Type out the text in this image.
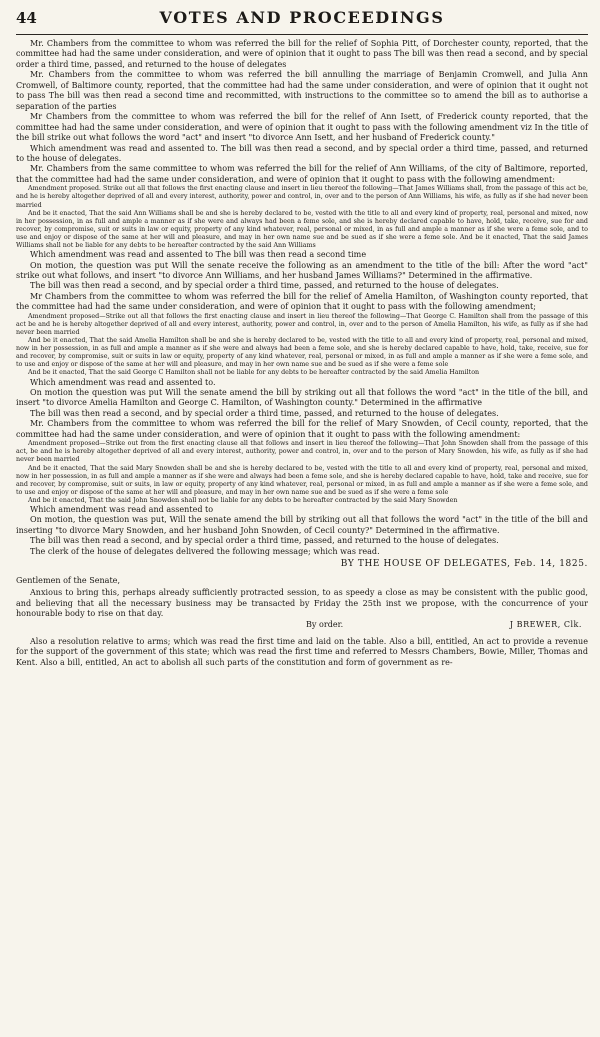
44	VOTES AND PROCEEDINGS

Mr. Chambers from the committee to whom was referred the bill for the relief of Sophia Pitt, of Dorchester county, reported, that the committee had had the same under consideration, and were of opinion that it ought to pass The bill was then read a second, and by special order a third time, passed, and returned to the house of delegates

Mr. Chambers from the committee to whom was referred the bill annulling the marriage of Benjamin Cromwell, and Julia Ann Cromwell, of Baltimore county, reported, that the committee had had the same under consideration, and were of opinion that it ought not to pass The bill was then read a second time and recommitted, with instructions to the committee so to amend the bill as to authorise a separation of the parties

Mr Chambers from the committee to whom was referred the bill for the relief of Ann Isett, of Frederick county reported, that the committee had had the same under consideration, and were of opinion that it ought to pass with the following amendment viz In the title of the bill strike out what follows the word "act" and insert "to divorce Ann Isett, and her husband of Frederick county."

Which amendment was read and assented to. The bill was then read a second, and by special order a third time, passed, and returned to the house of delegates.

Mr. Chambers from the same committee to whom was referred the bill for the relief of Ann Williams, of the city of Baltimore, reported, that the committee had had the same under consideration, and were of opinion that it ought to pass with the following amendment:

Amendment proposed. Strike out all that follows the first enacting clause and insert in lieu thereof the following—That James Williams shall, from the passage of this act be, and he is hereby altogether deprived of all and every interest, authority, power and control, in, over and to the person of Ann Williams, his wife, as fully as if she had never been married

And be it enacted, That the said Ann Williams shall be and she is hereby declared to be, vested with the title to all and every kind of property, real, personal and mixed, now in her possession, in as full and ample a manner as if she were and always had been a feme sole, and she is hereby declared capable to have, hold, take, receive, sue for and recover, by compromise, suit or suits in law or equity, property of any kind whatever, real, personal or mixed, in as full and ample a manner as if she were a feme sole, and to use and enjoy or dispose of the same at her will and pleasure, and may in her own name sue and be sued as if she were a feme sole. And be it enacted, That the said James Williams shall not be liable for any debts to be hereafter contracted by the said Ann Williams

Which amendment was read and assented to The bill was then read a second time

On motion, the question was put Will the senate receive the following as an amendment to the title of the bill: After the word "act" strike out what follows, and insert "to divorce Ann Williams, and her husband James Williams?" Determined in the affirmative.

The bill was then read a second, and by special order a third time, passed, and returned to the house of delegates.

Mr Chambers from the committee to whom was referred the bill for the relief of Amelia Hamilton, of Washington county reported, that the committee had had the same under consideration, and were of opinion that it ought to pass with the following amendment;

Amendment proposed—Strike out all that follows the first enacting clause and insert in lieu thereof the following—That George C. Hamilton shall from the passage of this act be and he is hereby altogether deprived of all and every interest, authority, power and control, in, over and to the person of Amelia Hamilton, his wife, as fully as if she had never been married

And be it enacted, That the said Amelia Hamilton shall be and she is hereby declared to be, vested with the title to all and every kind of property, real, personal and mixed, now in her possession, in as full and ample a manner as if she were and always had been a feme sole, and she is hereby declared capable to have, hold, take, receive, sue for and recover, by compromise, suit or suits in law or equity, property of any kind whatever, real, personal or mixed, in as full and ample a manner as if she were a feme sole, and to use and enjoy or dispose of the same at her will and pleasure, and may in her own name sue and be sued as if she were a feme sole

And be it enacted, That the said George C Hamilton shall not be liable for any debts to be hereafter contracted by the said Amelia Hamilton

Which amendment was read and assented to.

On motion the question was put Will the senate amend the bill by striking out all that follows the word "act" in the title of the bill, and insert "to divorce Amelia Hamilton and George C. Hamilton, of Washington county." Determined in the affirmative

The bill was then read a second, and by special order a third time, passed, and returned to the house of delegates.

Mr. Chambers from the committee to whom was referred the bill for the relief of Mary Snowden, of Cecil county, reported, that the committee had had the same under consideration, and were of opinion that it ought to pass with the following amendment:

Amendment proposed—Strike out from the first enacting clause all that follows and insert in lieu thereof the following—That John Snowden shall from the passage of this act, be and he is hereby altogether deprived of all and every interest, authority, power and control, in, over and to the person of Mary Snowden, his wife, as fully as if she had never been married

And be it enacted, That the said Mary Snowden shall be and she is hereby declared to be, vested with the title to all and every kind of property, real, personal and mixed, now in her possession, in as full and ample a manner as if she were and always had been a feme sole, and she is hereby declared capable to have, hold, take and receive, sue for and recover, by compromise, suit or suits, in law or equity, property of any kind whatever, real, personal or mixed, in as full and ample a manner as if she were a feme sole, and to use and enjoy or dispose of the same at her will and pleasure, and may in her own name sue and be sued as if she were a feme sole

And be it enacted, That the said John Snowden shall not be liable for any debts to be hereafter contracted by the said Mary Snowden

Which amendment was read and assented to

On motion, the question was put, Will the senate amend the bill by striking out all that follows the word "act" in the title of the bill and inserting "to divorce Mary Snowden, and her husband John Snowden, of Cecil county?" Determined in the affirmative.

The bill was then read a second, and by special order a third time, passed, and returned to the house of delegates.

The clerk of the house of delegates delivered the following message; which was read.

BY THE HOUSE OF DELEGATES, Feb. 14, 1825.

Gentlemen of the Senate,

Anxious to bring this, perhaps already sufficiently protracted session, to as speedy a close as may be consistent with the public good, and believing that all the necessary business may be transacted by Friday the 25th inst we propose, with the concurrence of your honourable body to rise on that day.

By order.	J BREWER, Clk.

Also a resolution relative to arms; which was read the first time and laid on the table. Also a bill, entitled, An act to provide a revenue for the support of the government of this state; which was read the first time and referred to Messrs Chambers, Bowie, Miller, Thomas and Kent. Also a bill, entitled, An act to abolish all such parts of the constitution and form of government as re-
